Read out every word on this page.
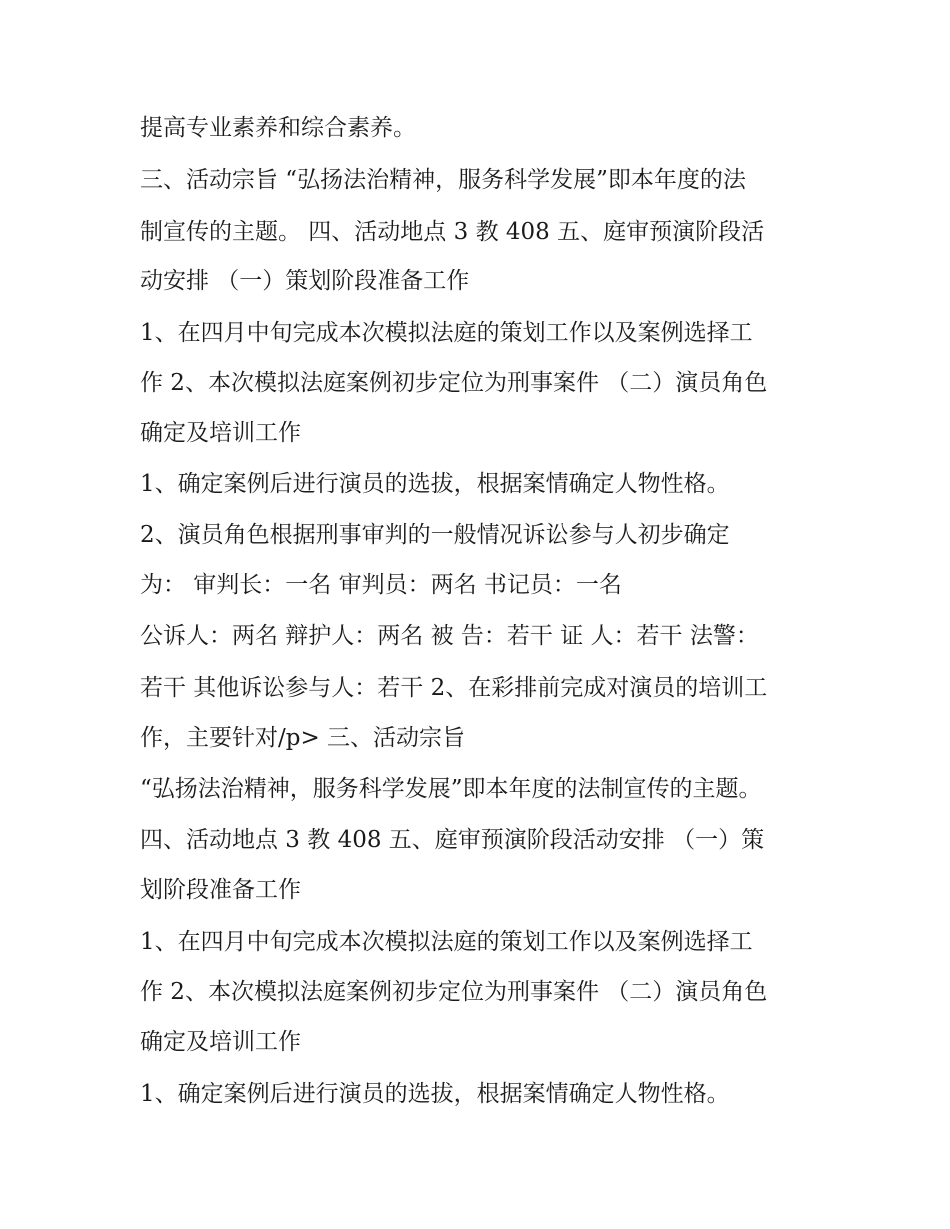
提高专业素养和综合素养。
三、活动宗旨 “弘扬法治精神，服务科学发展”即本年度的法
制宣传的主题。 四、活动地点 3 教 408 五、庭审预演阶段活
动安排 （一）策划阶段准备工作
1、在四月中旬完成本次模拟法庭的策划工作以及案例选择工
作 2、本次模拟法庭案例初步定位为刑事案件 （二）演员角色
确定及培训工作
1、确定案例后进行演员的选拔，根据案情确定人物性格。
2、演员角色根据刑事审判的一般情况诉讼参与人初步确定
为： 审判长：一名 审判员：两名 书记员：一名
公诉人：两名 辩护人：两名 被 告：若干 证 人：若干 法警：
若干 其他诉讼参与人：若干 2、在彩排前完成对演员的培训工
作，主要针对/p> 三、活动宗旨
“弘扬法治精神，服务科学发展”即本年度的法制宣传的主题。
四、活动地点 3 教 408 五、庭审预演阶段活动安排 （一）策
划阶段准备工作
1、在四月中旬完成本次模拟法庭的策划工作以及案例选择工
作 2、本次模拟法庭案例初步定位为刑事案件 （二）演员角色
确定及培训工作
1、确定案例后进行演员的选拔，根据案情确定人物性格。
